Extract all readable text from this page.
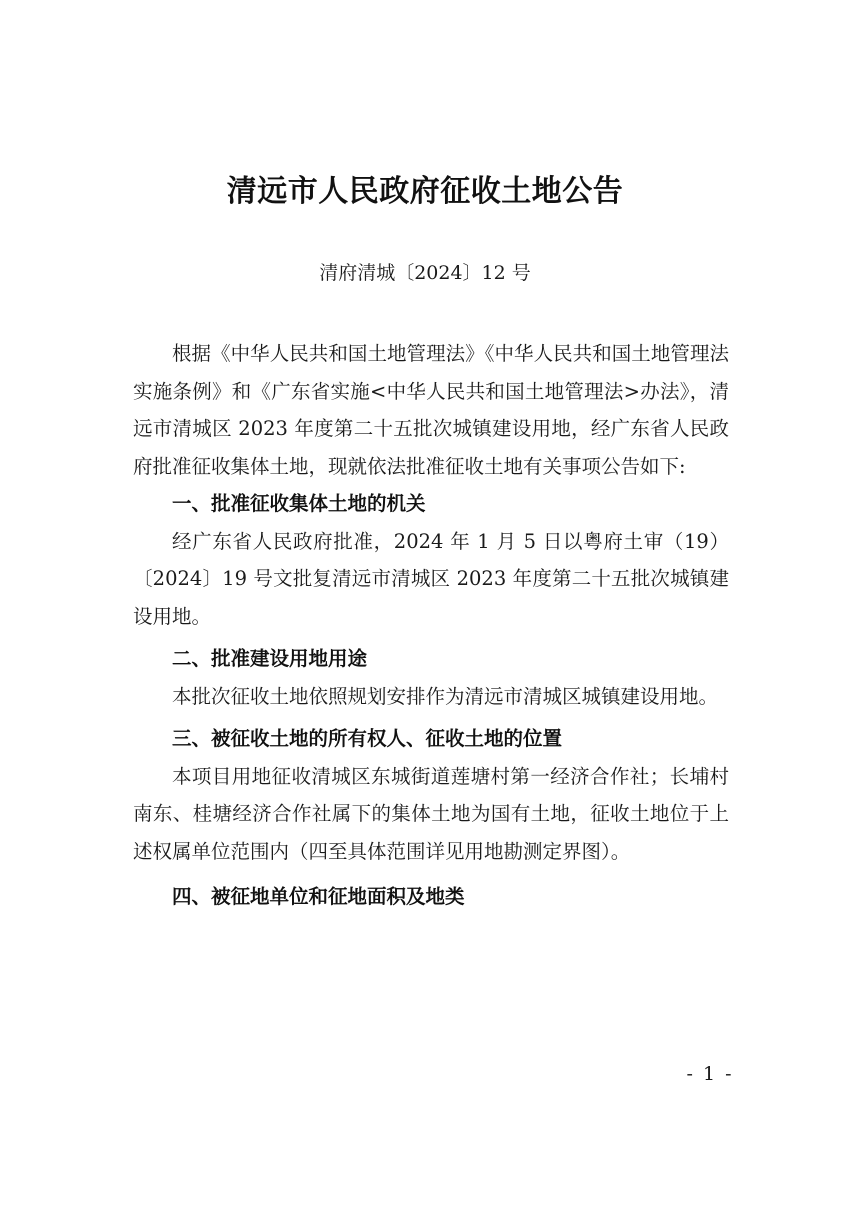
清远市人民政府征收土地公告
清府清城〔2024〕12 号

根据《中华人民共和国土地管理法》《中华人民共和国土地管理法实施条例》和《广东省实施<中华人民共和国土地管理法>办法》，清远市清城区 2023 年度第二十五批次城镇建设用地，经广东省人民政府批准征收集体土地，现就依法批准征收土地有关事项公告如下:

一、批准征收集体土地的机关

经广东省人民政府批准，2024 年 1 月 5 日以粤府土审（19）〔2024〕19 号文批复清远市清城区 2023 年度第二十五批次城镇建设用地。

二、批准建设用地用途

本批次征收土地依照规划安排作为清远市清城区城镇建设用地。

三、被征收土地的所有权人、征收土地的位置

本项目用地征收清城区东城街道莲塘村第一经济合作社；长埔村南东、桂塘经济合作社属下的集体土地为国有土地，征收土地位于上述权属单位范围内（四至具体范围详见用地勘测定界图）。

四、被征地单位和征地面积及地类

- 1 -
